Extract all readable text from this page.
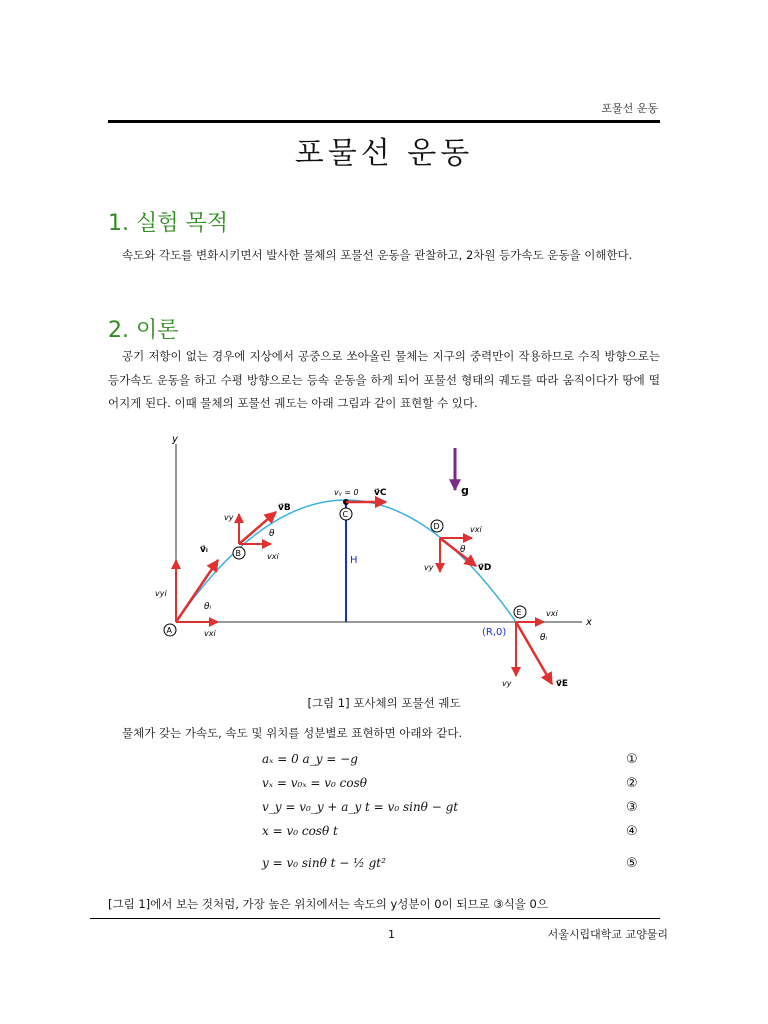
포물선 운동
포물선 운동
1. 실험 목적

속도와 각도를 변화시키면서 발사한 물체의 포물선 운동을 관찰하고, 2차원 등가속도 운동을 이해한다.

2. 이론

공기 저항이 없는 경우에 지상에서 공중으로 쏘아올린 물체는 지구의 중력만이 작용하므로 수직 방향으로는 등가속도 운동을 하고 수평 방향으로는 등속 운동을 하게 되어 포물선 형태의 궤도를 따라 움직이다가 땅에 떨어지게 된다. 이때 물체의 포물선 궤도는 아래 그림과 같이 표현할 수 있다.

y
x
H
g
A
v⃗ᵢ
vyi
vxi
θᵢ
B
vy
vxi
v⃗B
θ
C
vᵧ = 0 v⃗C
D	vxi
vy	v⃗D
θ
E
(R,0)
vxi
vy	v⃗E
θᵢ
[그림 1] 포사체의 포물선 궤도

물체가 갖는 가속도, 속도 및 위치를 성분별로 표현하면 아래와 같다.

aₓ = 0 a_y = −g	①
vₓ = v₀ₓ = v₀ cosθ	②
v_y = v₀_y + a_y t = v₀ sinθ − gt	③
x = v₀ cosθ t	④
y = v₀ sinθ t − ½ gt²	⑤
[그림 1]에서 보는 것처럼, 가장 높은 위치에서는 속도의 y성분이 0이 되므로 ③식을 0으
1	서울시립대학교 교양물리
